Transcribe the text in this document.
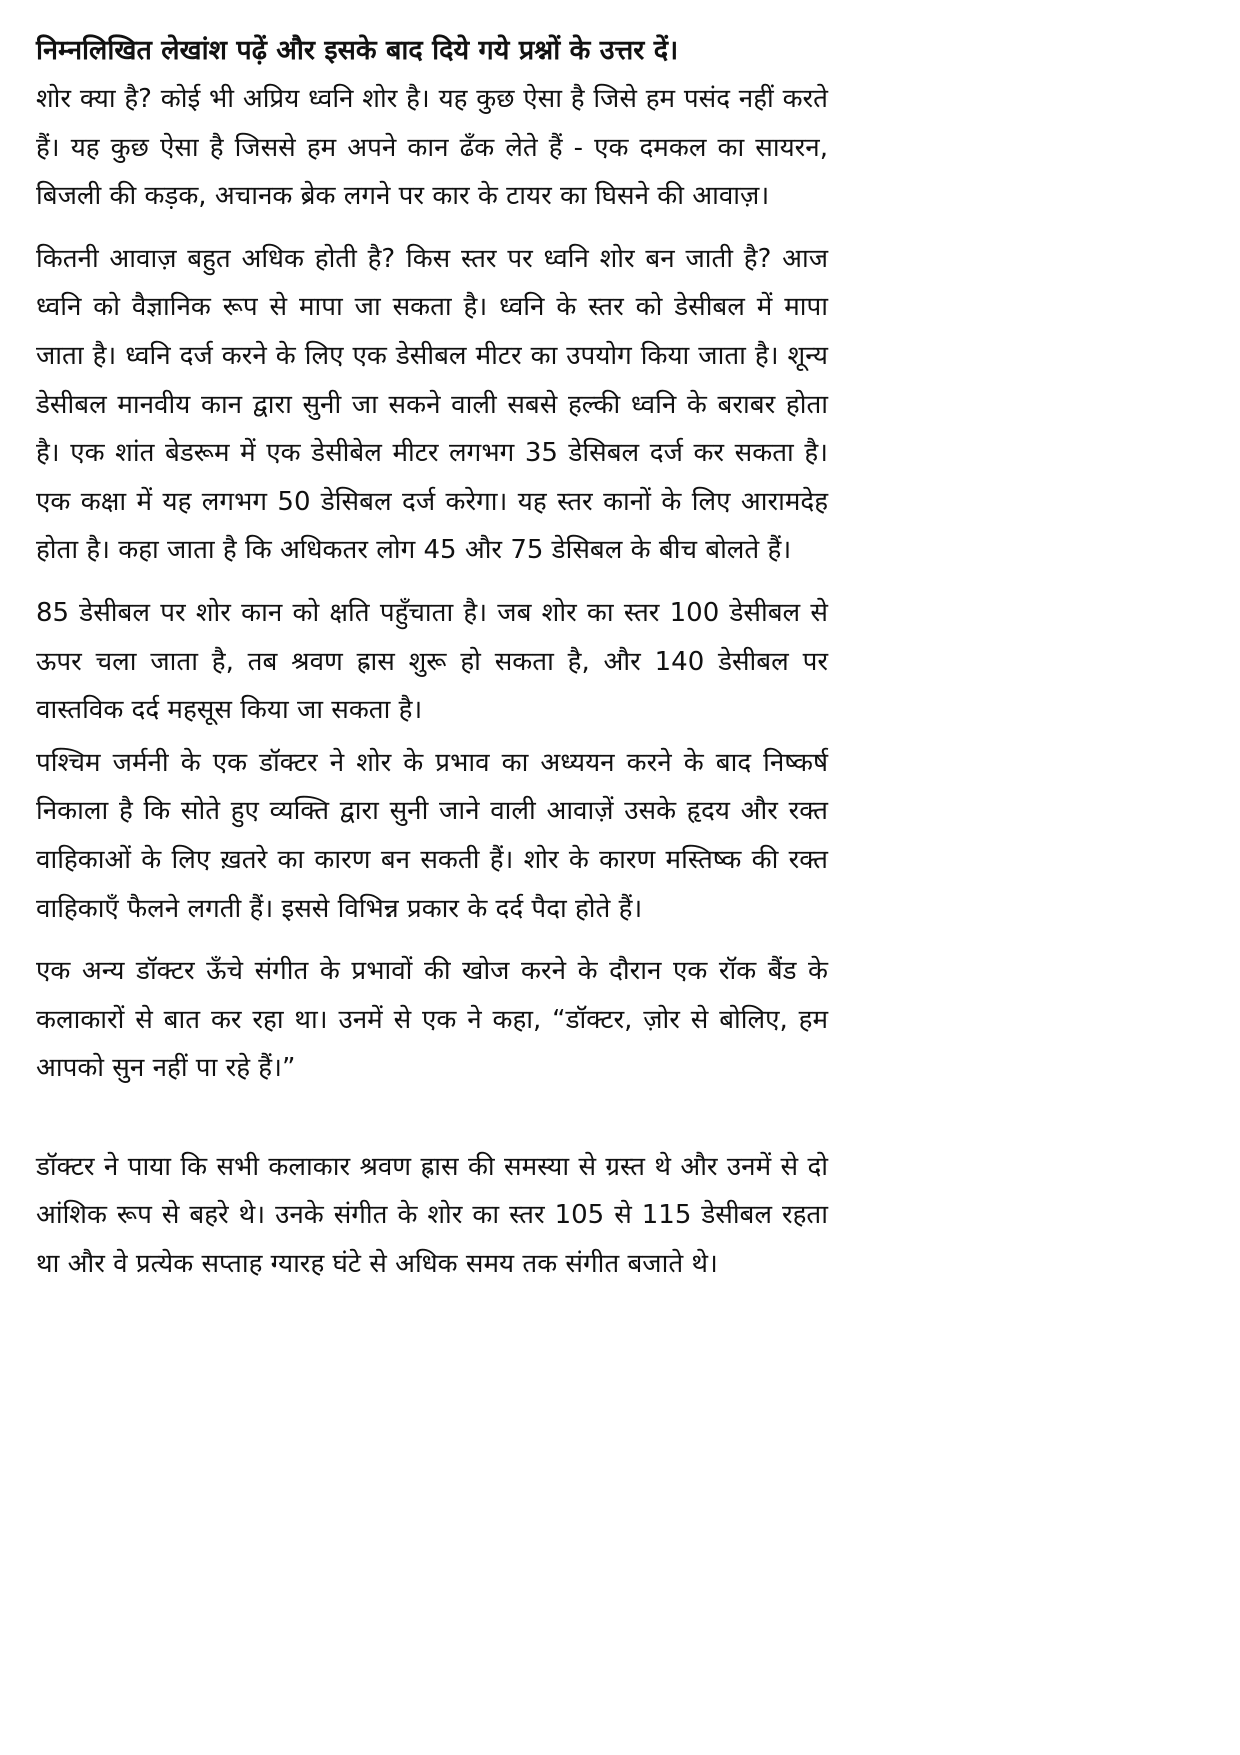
निम्नलिखित लेखांश पढ़ें और इसके बाद दिये गये प्रश्नों के उत्तर दें।

शोर क्या है? कोई भी अप्रिय ध्वनि शोर है। यह कुछ ऐसा है जिसे हम पसंद नहीं करते हैं। यह कुछ ऐसा है जिससे हम अपने कान ढँक लेते हैं - एक दमकल का सायरन, बिजली की कड़क, अचानक ब्रेक लगने पर कार के टायर का घिसने की आवाज़।

कितनी आवाज़ बहुत अधिक होती है? किस स्तर पर ध्वनि शोर बन जाती है? आज ध्वनि को वैज्ञानिक रूप से मापा जा सकता है। ध्वनि के स्तर को डेसीबल में मापा जाता है। ध्वनि दर्ज करने के लिए एक डेसीबल मीटर का उपयोग किया जाता है। शून्य डेसीबल मानवीय कान द्वारा सुनी जा सकने वाली सबसे हल्की ध्वनि के बराबर होता है। एक शांत बेडरूम में एक डेसीबेल मीटर लगभग 35 डेसिबल दर्ज कर सकता है। एक कक्षा में यह लगभग 50 डेसिबल दर्ज करेगा। यह स्तर कानों के लिए आरामदेह होता है। कहा जाता है कि अधिकतर लोग 45 और 75 डेसिबल के बीच बोलते हैं।

85 डेसीबल पर शोर कान को क्षति पहुँचाता है। जब शोर का स्तर 100 डेसीबल से ऊपर चला जाता है, तब श्रवण ह्रास शुरू हो सकता है, और 140 डेसीबल पर वास्तविक दर्द महसूस किया जा सकता है।

पश्चिम जर्मनी के एक डॉक्टर ने शोर के प्रभाव का अध्ययन करने के बाद निष्कर्ष निकाला है कि सोते हुए व्यक्ति द्वारा सुनी जाने वाली आवाज़ें उसके हृदय और रक्त वाहिकाओं के लिए ख़तरे का कारण बन सकती हैं। शोर के कारण मस्तिष्क की रक्त वाहिकाएँ फैलने लगती हैं। इससे विभिन्न प्रकार के दर्द पैदा होते हैं।

एक अन्य डॉक्टर ऊँचे संगीत के प्रभावों की खोज करने के दौरान एक रॉक बैंड के कलाकारों से बात कर रहा था। उनमें से एक ने कहा, “डॉक्टर, ज़ोर से बोलिए, हम आपको सुन नहीं पा रहे हैं।”

डॉक्टर ने पाया कि सभी कलाकार श्रवण ह्रास की समस्या से ग्रस्त थे और उनमें से दो आंशिक रूप से बहरे थे। उनके संगीत के शोर का स्तर 105 से 115 डेसीबल रहता था और वे प्रत्येक सप्ताह ग्यारह घंटे से अधिक समय तक संगीत बजाते थे।
